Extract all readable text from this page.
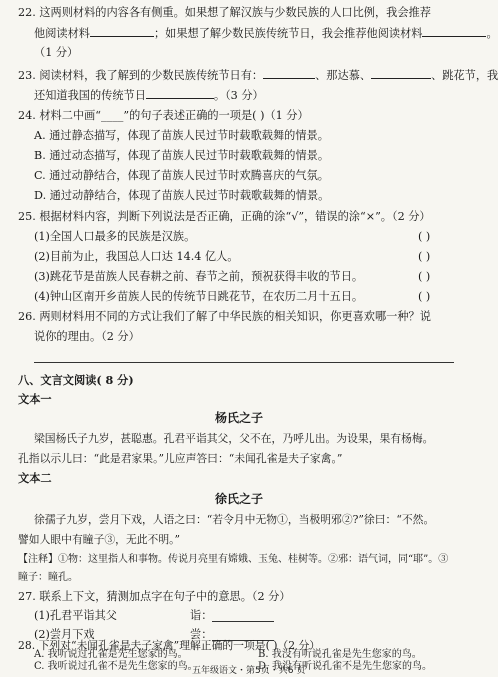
22. 这两则材料的内容各有侧重。如果想了解汉族与少数民族的人口比例，我会推荐
他阅读材料	；如果想了解少数民族传统节日，我会推荐他阅读材料	。
（1 分）
23. 阅读材料，我了解到的少数民族传统节日有：	、那达慕、	、跳花节，我
还知道我国的传统节日	。（3 分）
24. 材料二中画“____”的句子表述正确的一项是( )（1 分）
A. 通过静态描写，体现了苗族人民过节时载歌载舞的情景。
B. 通过动态描写，体现了苗族人民过节时载歌载舞的情景。
C. 通过动静结合，体现了苗族人民过节时欢腾喜庆的气氛。
D. 通过动静结合，体现了苗族人民过节时载歌载舞的情景。
25. 根据材料内容，判断下列说法是否正确，正确的涂“√”，错误的涂“×”。（2 分）
(1)全国人口最多的民族是汉族。	( )
(2)目前为止，我国总人口达 14.4 亿人。	( )
(3)跳花节是苗族人民春耕之前、春节之前，预祝获得丰收的节日。	( )
(4)钟山区南开乡苗族人民的传统节日跳花节，在农历二月十五日。	( )
26. 两则材料用不同的方式让我们了解了中华民族的相关知识，你更喜欢哪一种？说
说你的理由。（2 分）
八、文言文阅读( 8 分)
文本一
杨氏之子
梁国杨氏子九岁，甚聪惠。孔君平诣其父，父不在，乃呼儿出。为设果，果有杨梅。
孔指以示儿曰：“此是君家果。”儿应声答曰：“未闻孔雀是夫子家禽。”
文本二
徐氏之子
徐孺子九岁，尝月下戏，人语之曰：“若令月中无物①，当极明邪②?”徐曰：“不然。
譬如人眼中有瞳子③，无此不明。”
【注释】①物：这里指人和事物。传说月亮里有嫦娥、玉兔、桂树等。②邪：语气词，同“耶”。③
瞳子：瞳孔。
27. 联系上下文，猜测加点字在句子中的意思。（2 分）
(1)孔君平诣其父	诣：
(2)尝月下戏	尝：
28. 下列对“未闻孔雀是夫子家禽”理解正确的一项是( )（2 分）
A. 我听说过孔雀是先生您家的鸟。	B. 我没有听说孔雀是先生您家的鸟。
C. 我听说过孔雀不是先生您家的鸟。	D. 我没有听说孔雀不是先生您家的鸟。
五年级语文・第5页・共6 页
